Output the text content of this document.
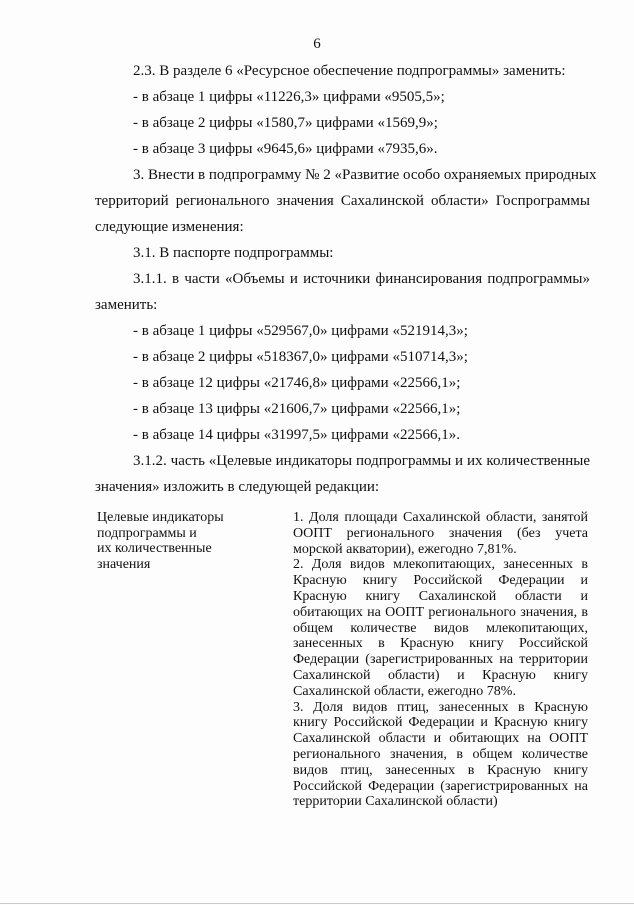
6
2.3. В разделе 6 «Ресурсное обеспечение подпрограммы» заменить:
- в абзаце 1 цифры «11226,3» цифрами «9505,5»;
- в абзаце 2 цифры «1580,7» цифрами «1569,9»;
- в абзаце 3 цифры «9645,6» цифрами «7935,6».
3. Внести в подпрограмму № 2 «Развитие особо охраняемых природных
территорий регионального значения Сахалинской области» Госпрограммы
следующие изменения:
3.1. В паспорте подпрограммы:
3.1.1. в части «Объемы и источники финансирования подпрограммы»
заменить:
- в абзаце 1 цифры «529567,0» цифрами «521914,3»;
- в абзаце 2 цифры «518367,0» цифрами «510714,3»;
- в абзаце 12 цифры «21746,8» цифрами «22566,1»;
- в абзаце 13 цифры «21606,7» цифрами «22566,1»;
- в абзаце 14 цифры «31997,5» цифрами «22566,1».
3.1.2. часть «Целевые индикаторы подпрограммы и их количественные
значения» изложить в следующей редакции:
Целевые индикаторы
подпрограммы и
их количественные
значения

1. Доля площади Сахалинской области, занятой ООПТ регионального значения (без учета морской акватории), ежегодно 7,81%.

2. Доля видов млекопитающих, занесенных в Красную книгу Российской Федерации и Красную книгу Сахалинской области и обитающих на ООПТ регионального значения, в общем количестве видов млекопитающих, занесенных в Красную книгу Российской Федерации (зарегистрированных на территории Сахалинской области) и Красную книгу Сахалинской области, ежегодно 78%.

3. Доля видов птиц, занесенных в Красную книгу Российской Федерации и Красную книгу Сахалинской области и обитающих на ООПТ регионального значения, в общем количестве видов птиц, занесенных в Красную книгу Российской Федерации (зарегистрированных на территории Сахалинской области)
